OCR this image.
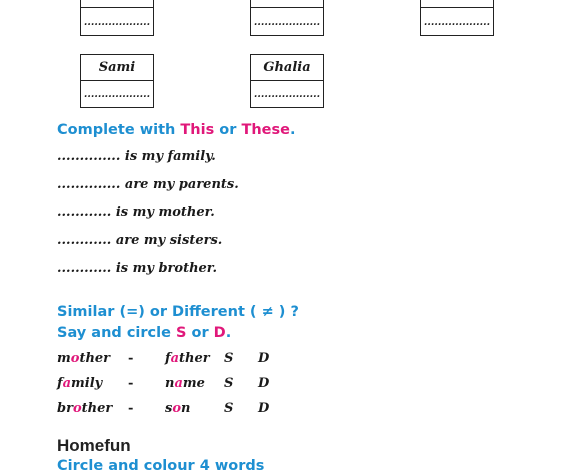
...................	...................	...................
Sami
...................
Ghalia
...................
Complete with This or These.
.............. is my family.
.............. are my parents.
............ is my mother.
............ are my sisters.
............ is my brother.
Similar (=) or Different ( ≠ ) ?
Say and circle S or D.
mother - father S D
family - name S D
brother - son	S D
Homefun
Circle and colour 4 words
